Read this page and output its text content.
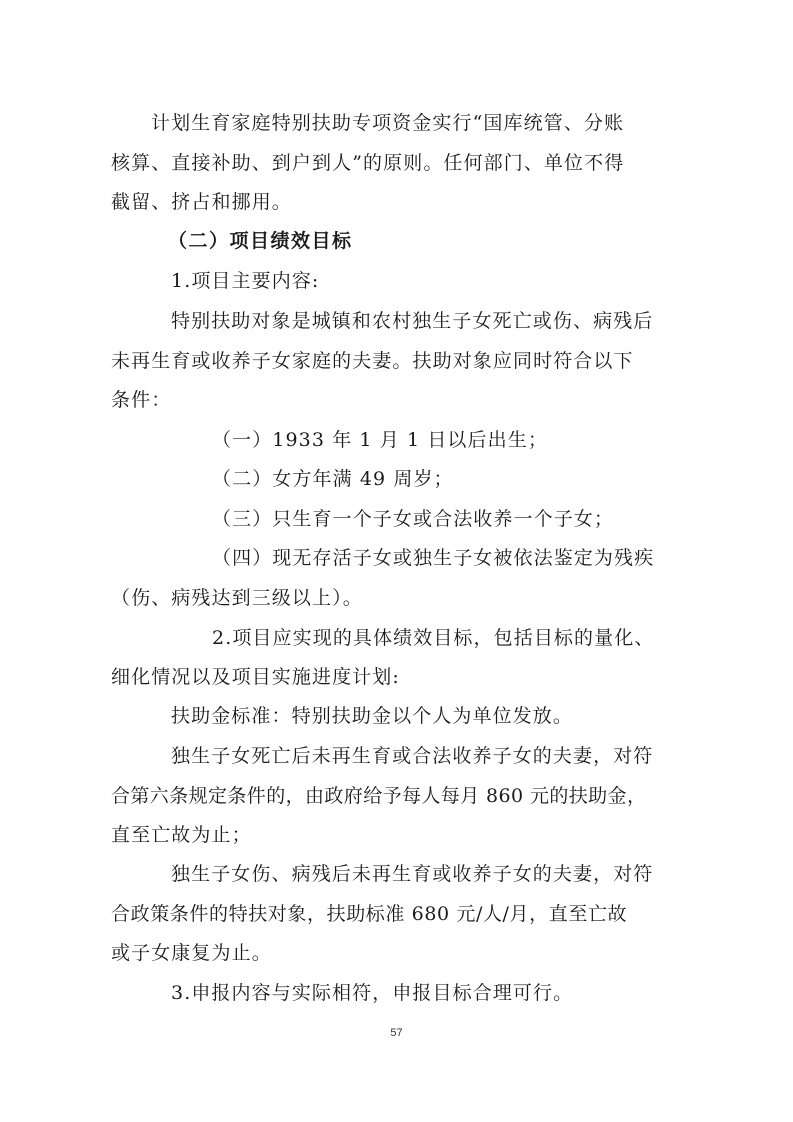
计划生育家庭特别扶助专项资金实行“国库统管、分账
核算、直接补助、到户到人”的原则。任何部门、单位不得
截留、挤占和挪用。
（二）项目绩效目标
1.项目主要内容:
特别扶助对象是城镇和农村独生子女死亡或伤、病残后
未再生育或收养子女家庭的夫妻。扶助对象应同时符合以下
条件：
（一）1933 年 1 月 1 日以后出生；
（二）女方年满 49 周岁；
（三）只生育一个子女或合法收养一个子女；
（四）现无存活子女或独生子女被依法鉴定为残疾
（伤、病残达到三级以上）。
2.项目应实现的具体绩效目标，包括目标的量化、
细化情况以及项目实施进度计划:
扶助金标准：特别扶助金以个人为单位发放。
独生子女死亡后未再生育或合法收养子女的夫妻，对符
合第六条规定条件的，由政府给予每人每月 860 元的扶助金，
直至亡故为止；
独生子女伤、病残后未再生育或收养子女的夫妻，对符
合政策条件的特扶对象，扶助标准 680 元/人/月，直至亡故
或子女康复为止。
3.申报内容与实际相符，申报目标合理可行。
57
